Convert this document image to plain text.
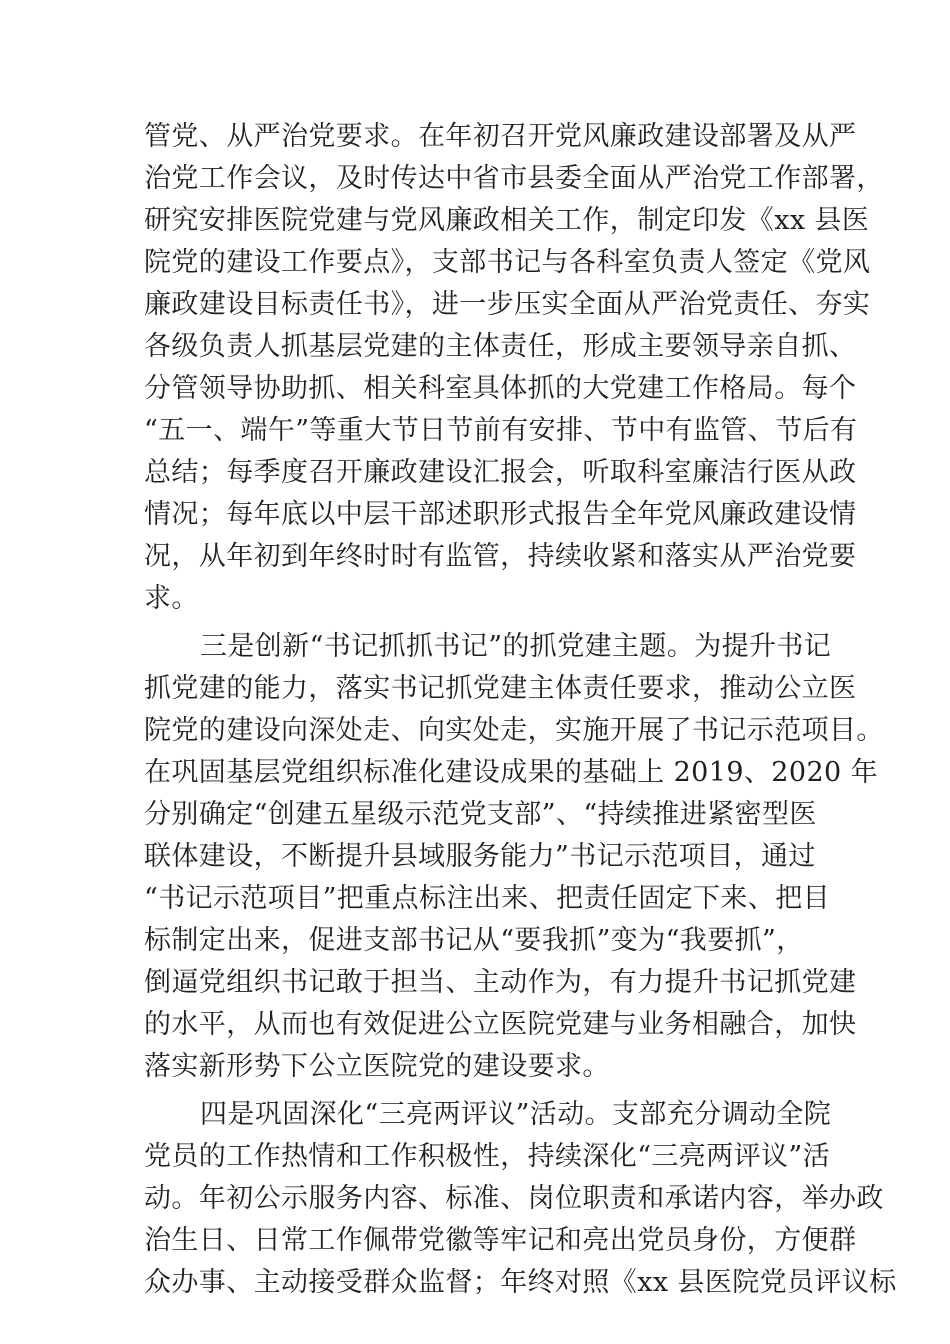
管党、从严治党要求。在年初召开党风廉政建设部署及从严
治党工作会议，及时传达中省市县委全面从严治党工作部署，
研究安排医院党建与党风廉政相关工作，制定印发《xx 县医
院党的建设工作要点》，支部书记与各科室负责人签定《党风
廉政建设目标责任书》，进一步压实全面从严治党责任、夯实
各级负责人抓基层党建的主体责任，形成主要领导亲自抓、
分管领导协助抓、相关科室具体抓的大党建工作格局。每个
“五一、端午”等重大节日节前有安排、节中有监管、节后有
总结；每季度召开廉政建设汇报会，听取科室廉洁行医从政
情况；每年底以中层干部述职形式报告全年党风廉政建设情
况，从年初到年终时时有监管，持续收紧和落实从严治党要
求。
三是创新“书记抓抓书记”的抓党建主题。为提升书记
抓党建的能力，落实书记抓党建主体责任要求，推动公立医
院党的建设向深处走、向实处走，实施开展了书记示范项目。
在巩固基层党组织标准化建设成果的基础上 2019、2020 年
分别确定“创建五星级示范党支部”、“持续推进紧密型医
联体建设，不断提升县域服务能力”书记示范项目，通过
“书记示范项目”把重点标注出来、把责任固定下来、把目
标制定出来，促进支部书记从“要我抓”变为“我要抓”，
倒逼党组织书记敢于担当、主动作为，有力提升书记抓党建
的水平，从而也有效促进公立医院党建与业务相融合，加快
落实新形势下公立医院党的建设要求。
四是巩固深化“三亮两评议”活动。支部充分调动全院
党员的工作热情和工作积极性，持续深化“三亮两评议”活
动。年初公示服务内容、标准、岗位职责和承诺内容，举办政
治生日、日常工作佩带党徽等牢记和亮出党员身份，方便群
众办事、主动接受群众监督；年终对照《xx 县医院党员评议标
